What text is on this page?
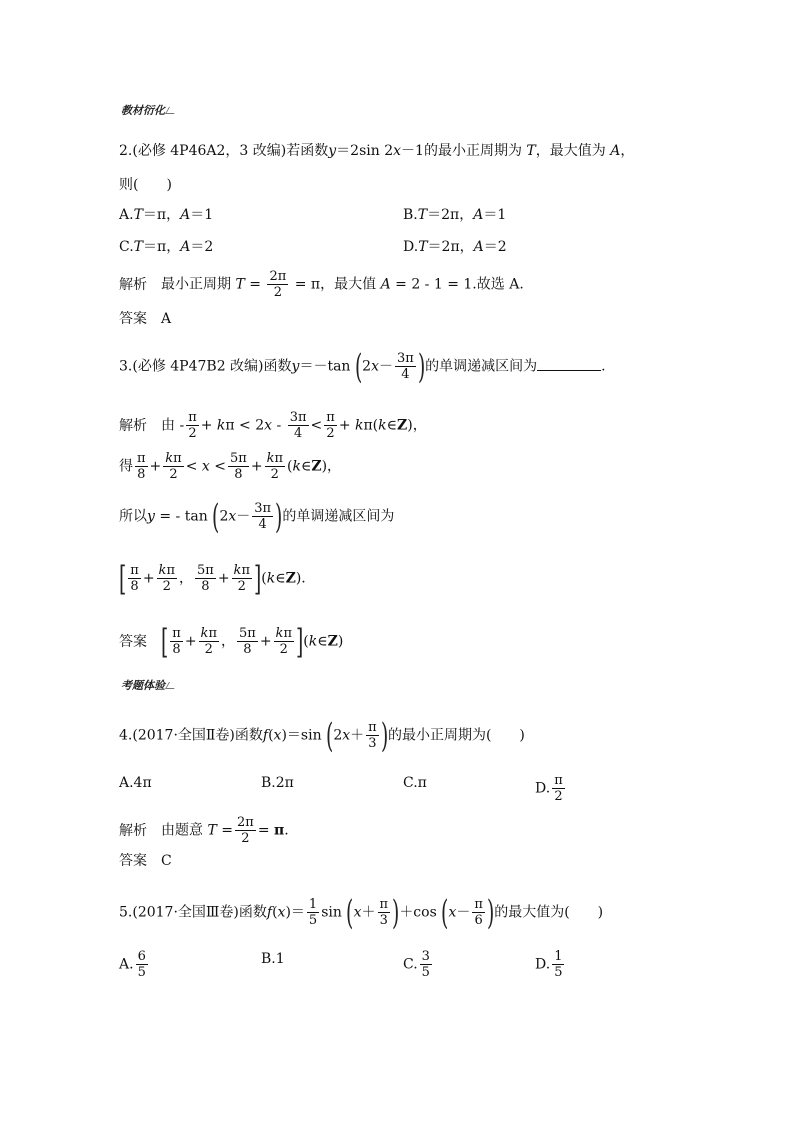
教材衍化
2.(必修 4P46A2，3 改编)若函数y＝2sin 2x－1的最小正周期为 T，最大值为 A，
则(　　)
A.T＝π，A＝1	B.T＝2π，A＝1
C.T＝π，A＝2	D.T＝2π，A＝2
解析 最小正周期 $T = \frac{2\pi}{2} = \pi$，最大值 A = 2 - 1 = 1.故选 A.
答案 A
3.(必修 4P47B2 改编)函数y＝－tan ($2x- \frac{3\pi}{4}$ )的单调递减区间为	.
解析 由 - $\frac{\pi}{2} + k\pi < 2x - \frac{3\pi}{4} < \frac{\pi}{2}$ + kπ(k∈Z)，
得 $\frac{\pi}{8} + \frac{k\pi}{2} < x < \frac{5\pi}{8} + \frac{k\pi}{2}$ (k∈Z)，
所以y = - $\tan (2x- \frac{3\pi}{4}$ )的单调递减区间为
[ $\frac{\pi}{8} + \frac{k\pi}{2}$ ， $\frac{5\pi}{8} + \frac{k\pi}{2}$ ](k∈Z).
答案 [ $\frac{\pi}{8} + \frac{k\pi}{2}$ ， $\frac{5\pi}{8} + \frac{k\pi}{2}$ ](k∈Z)
考题体验
4.(2017·全国Ⅱ卷)函数f(x)＝sin ($2x+ \frac{\pi}{3}$ )的最小正周期为(　　)
A.4π	B.2π	C.π	D. $\frac{\pi}{2}$
解析 由题意 $T = \frac{2\pi}{2} = \pi$.
答案 C
5.(2017·全国Ⅲ卷)函数$f(x)= \frac{1}{5}$ $\sin (x+ \frac{\pi}{3} )+\cos$ ($x- \frac{\pi}{6}$ )的最大值为(　　)
A. $\frac{6}{5}$	B.1	C. $\frac{3}{5}$	D. $\frac{1}{5}$
